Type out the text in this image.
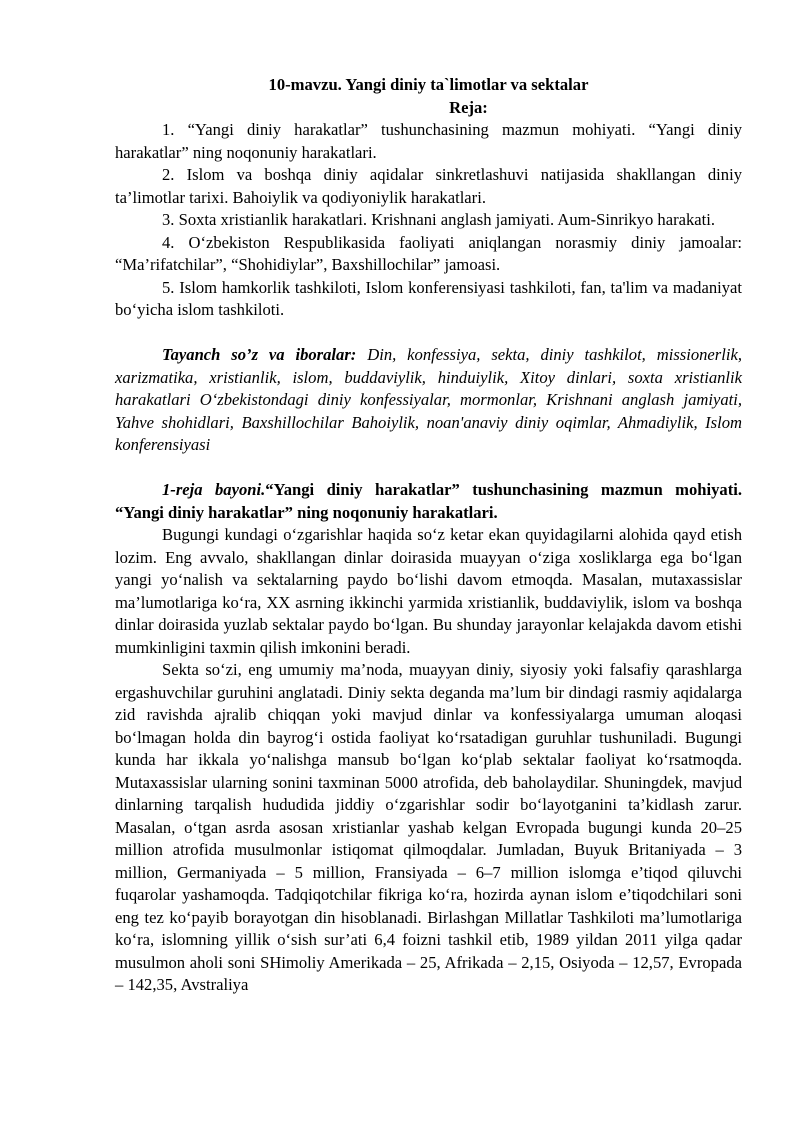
10-mavzu. Yangi diniy ta`limotlar va sektalar

Reja:

1. “Yangi diniy harakatlar” tushunchasining mazmun mohiyati. “Yangi diniy harakatlar” ning noqonuniy harakatlari.

2. Islom va boshqa diniy aqidalar sinkretlashuvi natijasida shakllangan diniy ta’limotlar tarixi. Bahoiylik va qodiyoniylik harakatlari.

3. Soxta xristianlik harakatlari. Krishnani anglash jamiyati. Aum-Sinrikyo harakati.

4. O‘zbekiston Respublikasida faoliyati aniqlangan norasmiy diniy jamoalar: “Ma’rifatchilar”, “Shohidiylar”, Baxshillochilar” jamoasi.

5. Islom hamkorlik tashkiloti, Islom konferensiyasi tashkiloti, fan, ta'lim va madaniyat bo‘yicha islom tashkiloti.

Tayanch so’z va iboralar: Din, konfessiya, sekta, diniy tashkilot, missionerlik, xarizmatika, xristianlik, islom, buddaviylik, hinduiylik, Xitoy dinlari, soxta xristianlik harakatlari O‘zbekistondagi diniy konfessiyalar, mormonlar, Krishnani anglash jamiyati, Yahve shohidlari, Baxshillochilar Bahoiylik, noan'anaviy diniy oqimlar, Ahmadiylik, Islom konferensiyasi

1-reja bayoni.“Yangi diniy harakatlar” tushunchasining mazmun mohiyati. “Yangi diniy harakatlar” ning noqonuniy harakatlari.

Bugungi kundagi o‘zgarishlar haqida so‘z ketar ekan quyidagilarni alohida qayd etish lozim. Eng avvalo, shakllangan dinlar doirasida muayyan o‘ziga xosliklarga ega bo‘lgan yangi yo‘nalish va sektalarning paydo bo‘lishi davom etmoqda. Masalan, mutaxassislar ma’lumotlariga ko‘ra, XX asrning ikkinchi yarmida xristianlik, buddaviylik, islom va boshqa dinlar doirasida yuzlab sektalar paydo bo‘lgan. Bu shunday jarayonlar kelajakda davom etishi mumkinligini taxmin qilish imkonini beradi.

Sekta so‘zi, eng umumiy ma’noda, muayyan diniy, siyosiy yoki falsafiy qarashlarga ergashuvchilar guruhini anglatadi. Diniy sekta deganda ma’lum bir dindagi rasmiy aqidalarga zid ravishda ajralib chiqqan yoki mavjud dinlar va konfessiyalarga umuman aloqasi bo‘lmagan holda din bayrog‘i ostida faoliyat ko‘rsatadigan guruhlar tushuniladi. Bugungi kunda har ikkala yo‘nalishga mansub bo‘lgan ko‘plab sektalar faoliyat ko‘rsatmoqda. Mutaxassislar ularning sonini taxminan 5000 atrofida, deb baholaydilar. Shuningdek, mavjud dinlarning tarqalish hududida jiddiy o‘zgarishlar sodir bo‘layotganini ta’kidlash zarur. Masalan, o‘tgan asrda asosan xristianlar yashab kelgan Evropada bugungi kunda 20–25 million atrofida musulmonlar istiqomat qilmoqdalar. Jumladan, Buyuk Britaniyada – 3 million, Germaniyada – 5 million, Fransiyada – 6–7 million islomga e’tiqod qiluvchi fuqarolar yashamoqda. Tadqiqotchilar fikriga ko‘ra, hozirda aynan islom e’tiqodchilari soni eng tez ko‘payib borayotgan din hisoblanadi. Birlashgan Millatlar Tashkiloti ma’lumotlariga ko‘ra, islomning yillik o‘sish sur’ati 6,4 foizni tashkil etib, 1989 yildan 2011 yilga qadar musulmon aholi soni SHimoliy Amerikada – 25, Afrikada – 2,15, Osiyoda – 12,57, Evropada – 142,35, Avstraliya
